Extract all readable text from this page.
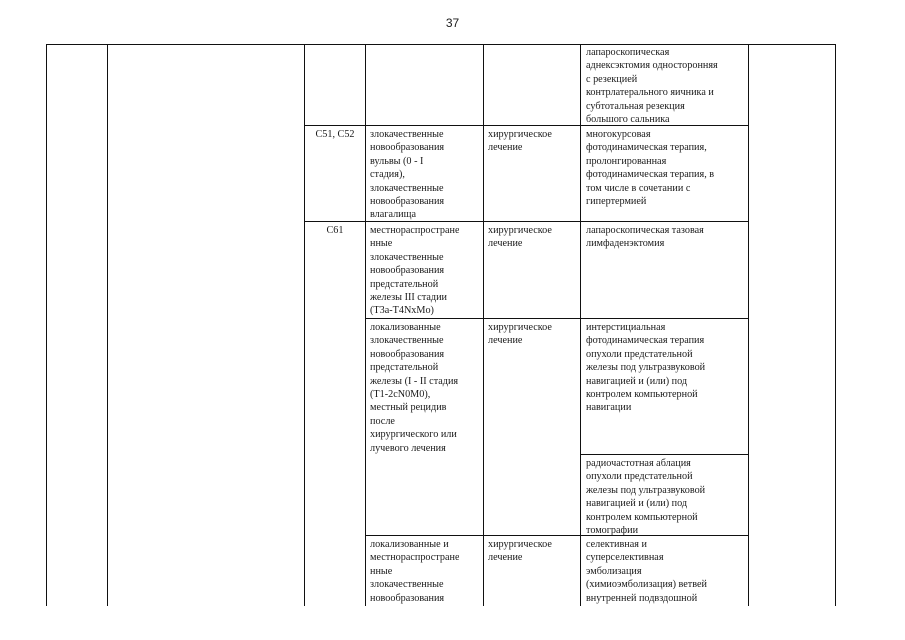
37
лапароскопическая
аднексэктомия односторонняя
с резекцией
контрлатерального яичника и
субтотальная резекция
большого сальника
C51, C52	злокачественные
новообразования
вульвы (0 - I
стадия),
злокачественные
новообразования
влагалища
хирургическое
лечение
многокурсовая
фотодинамическая терапия,
пролонгированная
фотодинамическая терапия, в
том числе в сочетании с
гипертермией
C61	местнораспростране
нные
злокачественные
новообразования
предстательной
железы III стадии
(T3a-T4NxMo)
хирургическое
лечение
лапароскопическая тазовая
лимфаденэктомия
локализованные
злокачественные
новообразования
предстательной
железы (I - II стадия
(T1-2cN0M0),
местный рецидив
после
хирургического или
лучевого лечения
хирургическое
лечение
интерстициальная
фотодинамическая терапия
опухоли предстательной
железы под ультразвуковой
навигацией и (или) под
контролем компьютерной
навигации
радиочастотная аблация
опухоли предстательной
железы под ультразвуковой
навигацией и (или) под
контролем компьютерной
томографии
локализованные и
местнораспростране
нные
злокачественные
новообразования
хирургическое
лечение
селективная и
суперселективная
эмболизация
(химиоэмболизация) ветвей
внутренней подвздошной
